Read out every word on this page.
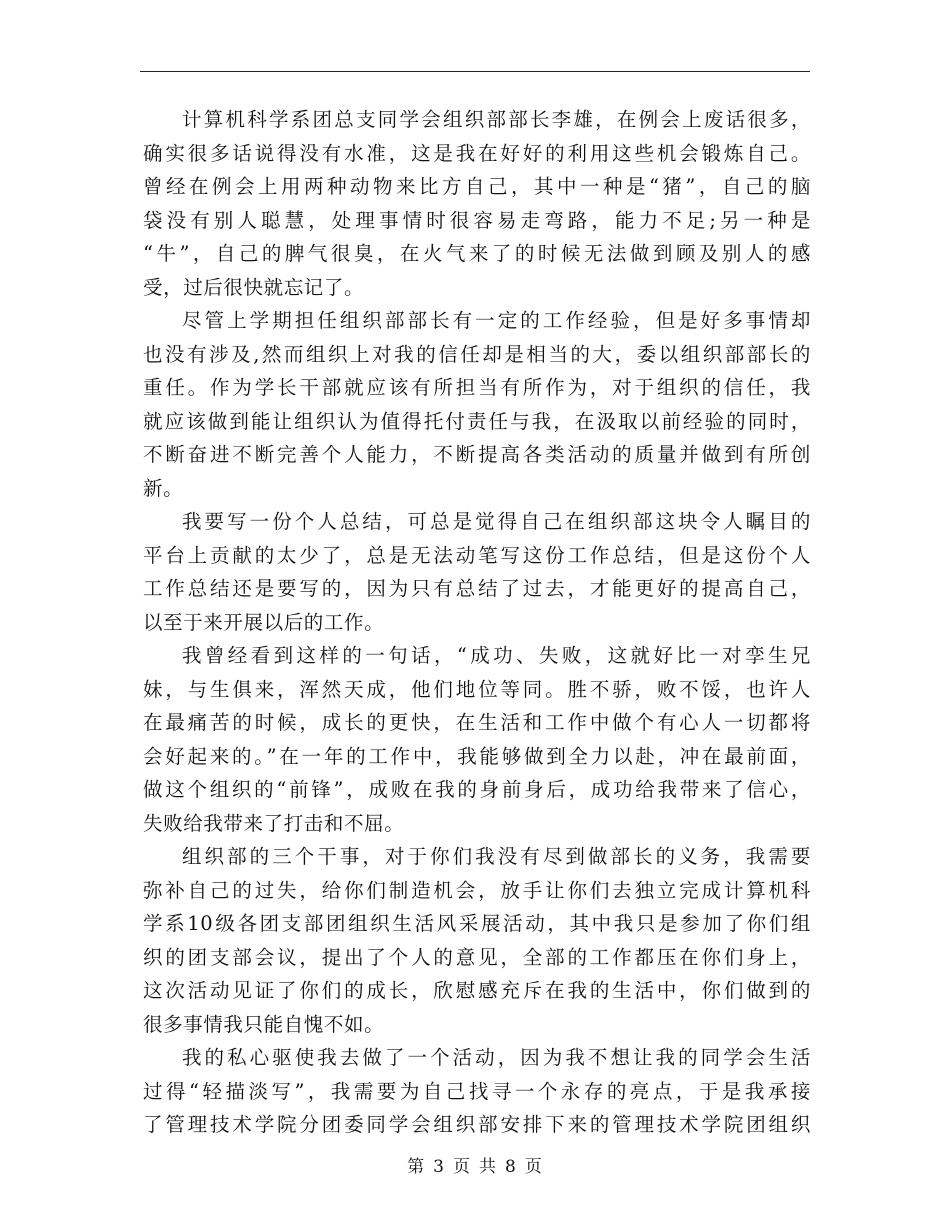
计算机科学系团总支同学会组织部部长李雄，在例会上废话很多，
确实很多话说得没有水准，这是我在好好的利用这些机会锻炼自己。
曾经在例会上用两种动物来比方自己，其中一种是“猪”，自己的脑
袋没有别人聪慧，处理事情时很容易走弯路，能力不足;另一种是
“牛”，自己的脾气很臭，在火气来了的时候无法做到顾及别人的感
受，过后很快就忘记了。
尽管上学期担任组织部部长有一定的工作经验，但是好多事情却
也没有涉及,然而组织上对我的信任却是相当的大，委以组织部部长的
重任。作为学长干部就应该有所担当有所作为，对于组织的信任，我
就应该做到能让组织认为值得托付责任与我，在汲取以前经验的同时，
不断奋进不断完善个人能力，不断提高各类活动的质量并做到有所创
新。
我要写一份个人总结，可总是觉得自己在组织部这块令人瞩目的
平台上贡献的太少了，总是无法动笔写这份工作总结，但是这份个人
工作总结还是要写的，因为只有总结了过去，才能更好的提高自己，
以至于来开展以后的工作。
我曾经看到这样的一句话，“成功、失败，这就好比一对孪生兄
妹，与生俱来，浑然天成，他们地位等同。胜不骄，败不馁，也许人
在最痛苦的时候，成长的更快，在生活和工作中做个有心人一切都将
会好起来的。”在一年的工作中，我能够做到全力以赴，冲在最前面，
做这个组织的“前锋”，成败在我的身前身后，成功给我带来了信心，
失败给我带来了打击和不屈。
组织部的三个干事，对于你们我没有尽到做部长的义务，我需要
弥补自己的过失，给你们制造机会，放手让你们去独立完成计算机科
学系10级各团支部团组织生活风采展活动，其中我只是参加了你们组
织的团支部会议，提出了个人的意见，全部的工作都压在你们身上，
这次活动见证了你们的成长，欣慰感充斥在我的生活中，你们做到的
很多事情我只能自愧不如。
我的私心驱使我去做了一个活动，因为我不想让我的同学会生活
过得“轻描淡写”，我需要为自己找寻一个永存的亮点，于是我承接
了管理技术学院分团委同学会组织部安排下来的管理技术学院团组织
第 3 页 共 8 页
